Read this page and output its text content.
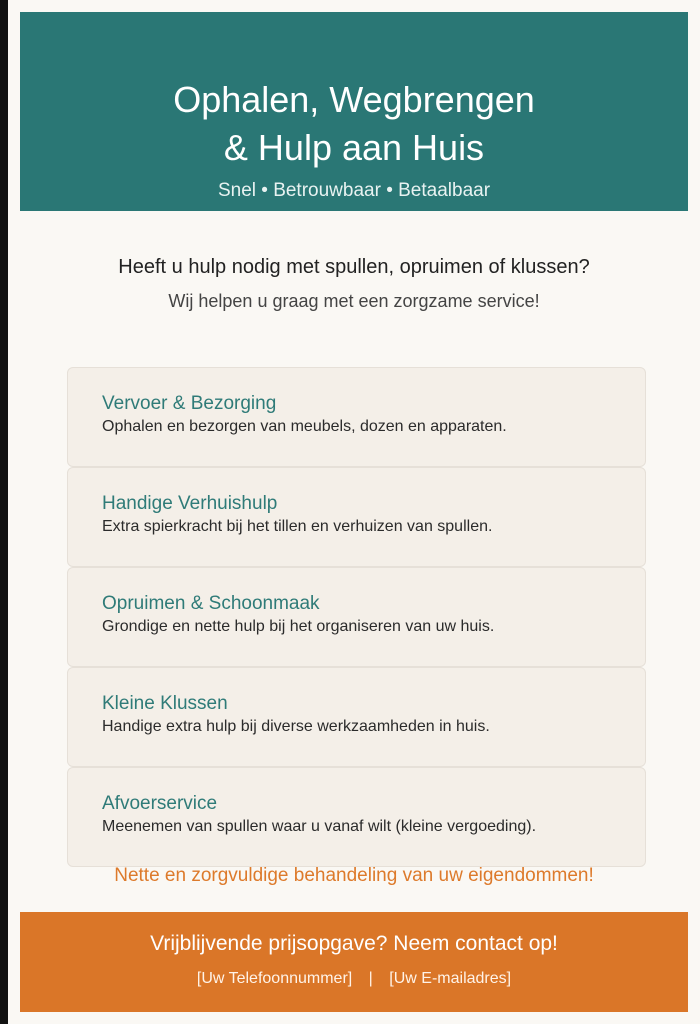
Ophalen, Wegbrengen
& Hulp aan Huis
Snel • Betrouwbaar • Betaalbaar
Heeft u hulp nodig met spullen, opruimen of klussen?
Wij helpen u graag met een zorgzame service!
Vervoer & Bezorging
Ophalen en bezorgen van meubels, dozen en apparaten.
Handige Verhuishulp
Extra spierkracht bij het tillen en verhuizen van spullen.
Opruimen & Schoonmaak
Grondige en nette hulp bij het organiseren van uw huis.
Kleine Klussen
Handige extra hulp bij diverse werkzaamheden in huis.
Afvoerservice
Meenemen van spullen waar u vanaf wilt (kleine vergoeding).
Nette en zorgvuldige behandeling van uw eigendommen!
Vrijblijvende prijsopgave? Neem contact op!
[Uw Telefoonnummer] | [Uw E-mailadres]
